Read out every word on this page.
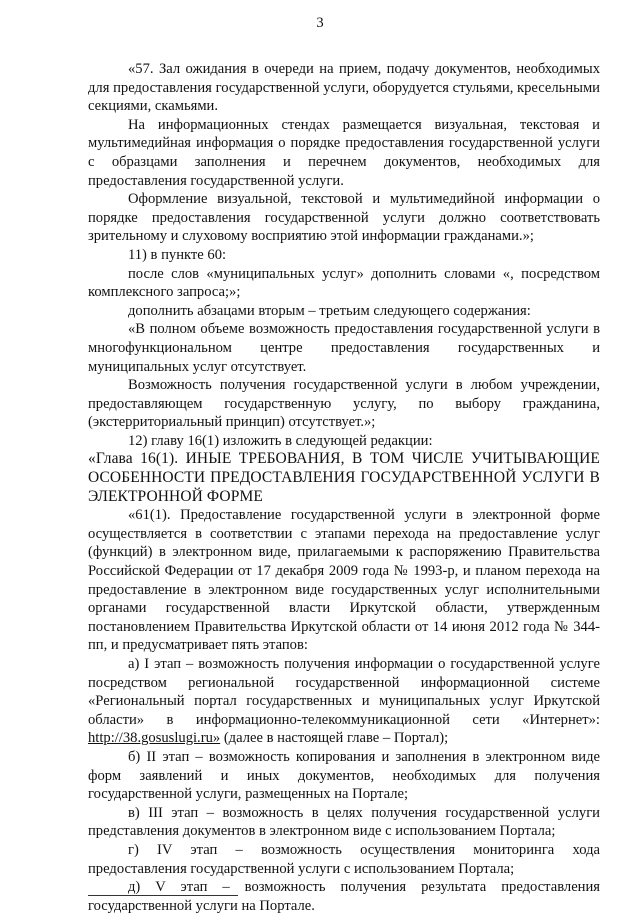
3

«57. Зал ожидания в очереди на прием, подачу документов, необходимых для предоставления государственной услуги, оборудуется стульями, кресельными секциями, скамьями.

На информационных стендах размещается визуальная, текстовая и мультимедийная информация о порядке предоставления государственной услуги с образцами заполнения и перечнем документов, необходимых для предоставления государственной услуги.

Оформление визуальной, текстовой и мультимедийной информации о порядке предоставления государственной услуги должно соответствовать зрительному и слуховому восприятию этой информации гражданами.»;

11) в пункте 60:

после слов «муниципальных услуг» дополнить словами «, посредством комплексного запроса;»;

дополнить абзацами вторым – третьим следующего содержания:

«В полном объеме возможность предоставления государственной услуги в многофункциональном центре предоставления государственных и муниципальных услуг отсутствует.

Возможность получения государственной услуги в любом учреждении, предоставляющем государственную услугу, по выбору гражданина, (экстерриториальный принцип) отсутствует.»;

12) главу 16(1) изложить в следующей редакции:

«Глава 16(1). ИНЫЕ ТРЕБОВАНИЯ, В ТОМ ЧИСЛЕ УЧИТЫВАЮЩИЕ ОСОБЕННОСТИ ПРЕДОСТАВЛЕНИЯ ГОСУДАРСТВЕННОЙ УСЛУГИ В ЭЛЕКТРОННОЙ ФОРМЕ

«61(1). Предоставление государственной услуги в электронной форме осуществляется в соответствии с этапами перехода на предоставление услуг (функций) в электронном виде, прилагаемыми к распоряжению Правительства Российской Федерации от 17 декабря 2009 года № 1993-р, и планом перехода на предоставление в электронном виде государственных услуг исполнительными органами государственной власти Иркутской области, утвержденным постановлением Правительства Иркутской области от 14 июня 2012 года № 344-пп, и предусматривает пять этапов:

а) I этап – возможность получения информации о государственной услуге посредством региональной государственной информационной системе «Региональный портал государственных и муниципальных услуг Иркутской области» в информационно-телекоммуникационной сети «Интернет»: http://38.gosuslugi.ru» (далее в настоящей главе – Портал);

б) II этап – возможность копирования и заполнения в электронном виде форм заявлений и иных документов, необходимых для получения государственной услуги, размещенных на Портале;

в) III этап – возможность в целях получения государственной услуги представления документов в электронном виде с использованием Портала;

г) IV этап – возможность осуществления мониторинга хода предоставления государственной услуги с использованием Портала;

д) V этап – возможность получения результата предоставления государственной услуги на Портале.
